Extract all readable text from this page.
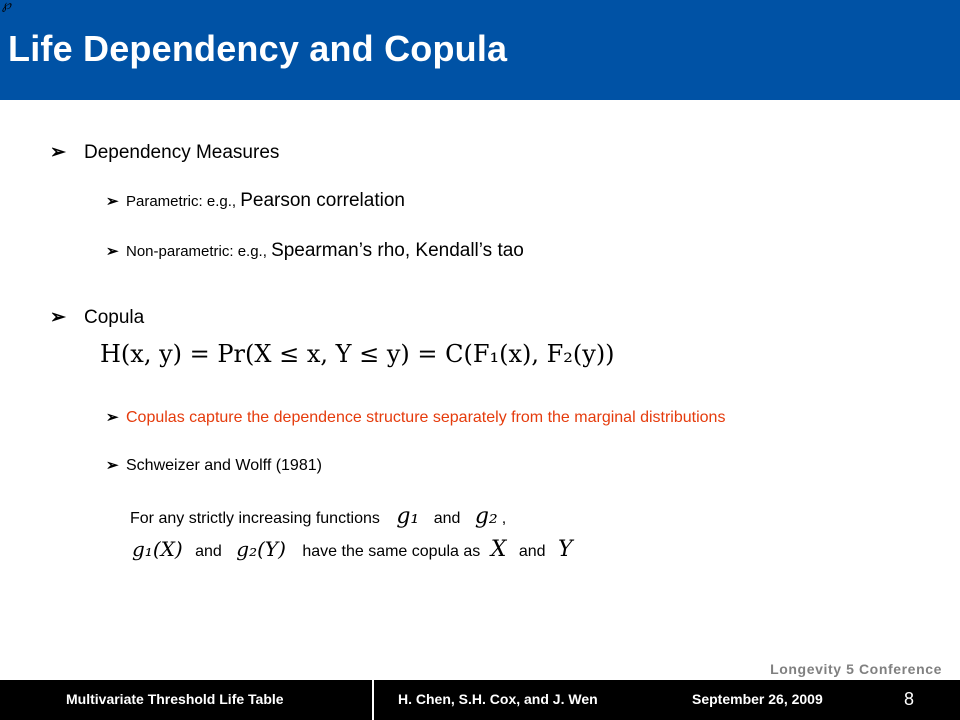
℘
Life Dependency and Copula
➢ Dependency Measures
➢ Parametric: e.g., Pearson correlation
➢ Non-parametric: e.g., Spearman’s rho, Kendall’s tao
➢ Copula
H(x, y) = Pr(X ≤ x, Y ≤ y) = C(F₁(x), F₂(y))
➢ Copulas capture the dependence structure separately from the marginal distributions
➢ Schweizer and Wolff (1981)
For any strictly increasing functions g₁ and g₂ ,
g₁(X) and g₂(Y) have the same copula as X and Y
Longevity 5 Conference
Multivariate Threshold Life Table	H. Chen, S.H. Cox, and J. Wen	September 26, 2009	8
